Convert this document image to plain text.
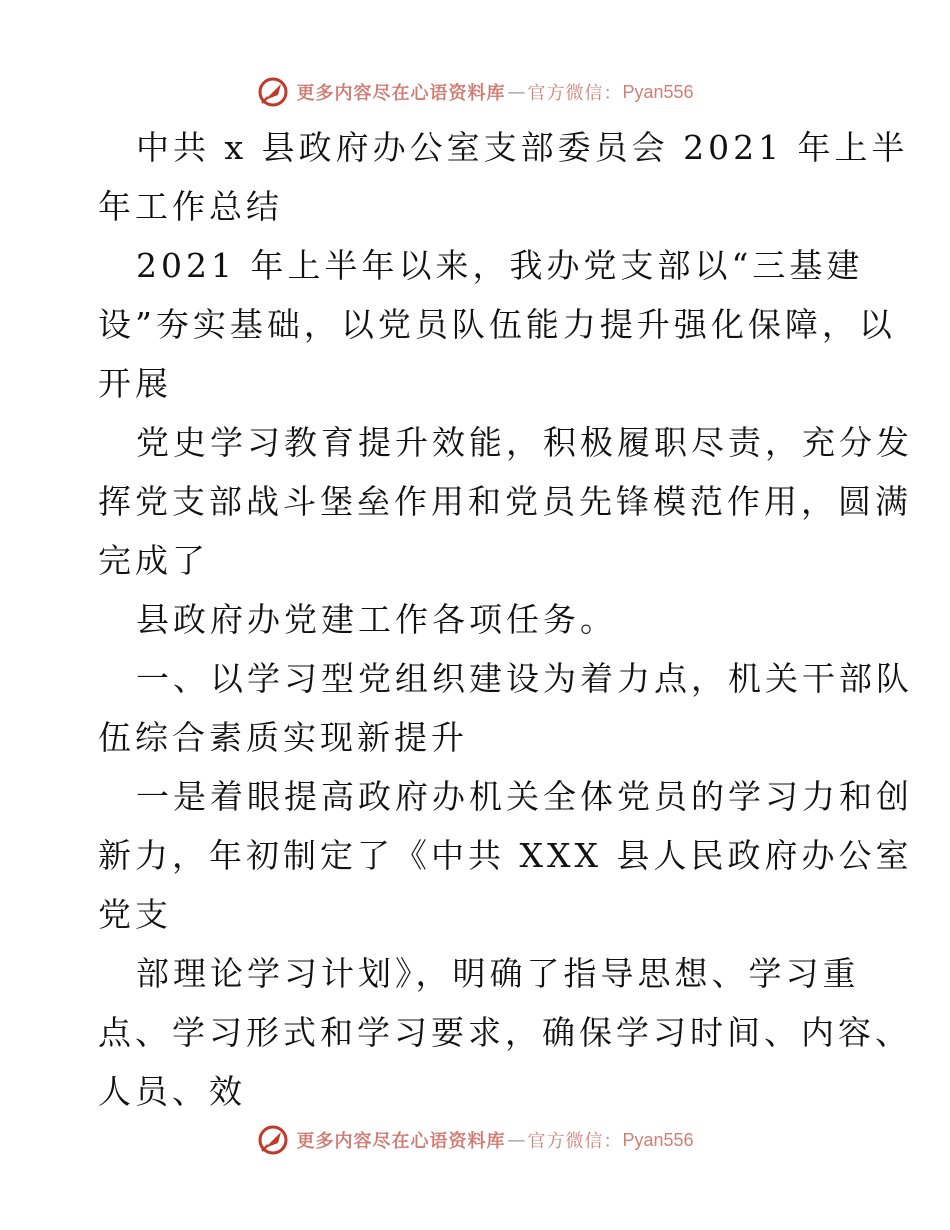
更多内容尽在心语资料库 — 官方微信： Pyan556
中共 x 县政府办公室支部委员会 2021 年上半
年工作总结
2021 年上半年以来，我办党支部以“三基建
设”夯实基础，以党员队伍能力提升强化保障，以
开展
党史学习教育提升效能，积极履职尽责，充分发
挥党支部战斗堡垒作用和党员先锋模范作用，圆满
完成了
县政府办党建工作各项任务。
一、以学习型党组织建设为着力点，机关干部队
伍综合素质实现新提升
一是着眼提高政府办机关全体党员的学习力和创
新力，年初制定了《中共 XXX 县人民政府办公室
党支
部理论学习计划》，明确了指导思想、学习重
点、学习形式和学习要求，确保学习时间、内容、
人员、效
更多内容尽在心语资料库 — 官方微信： Pyan556
